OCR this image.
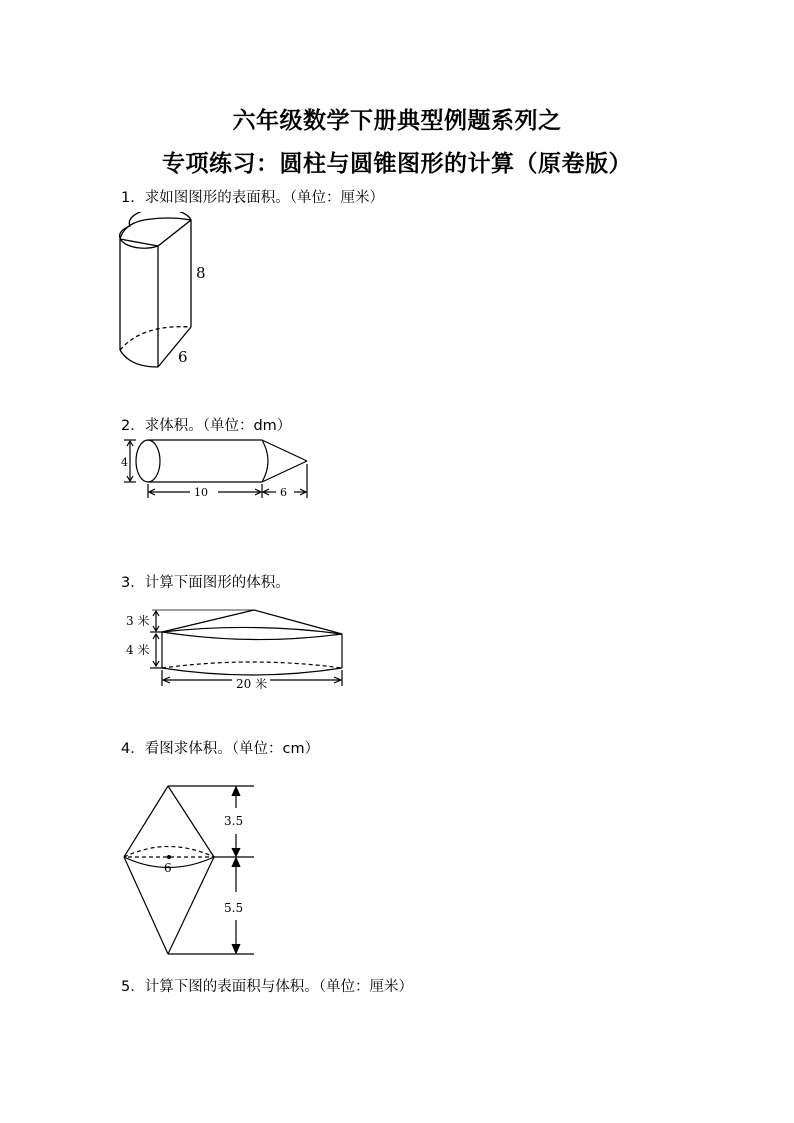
六年级数学下册典型例题系列之
专项练习：圆柱与圆锥图形的计算（原卷版）
1．求如图图形的表面积。（单位：厘米）
8
6
2．求体积。（单位：dm）
4
10	6
3．计算下面图形的体积。
3 米
4 米
20 米
4．看图求体积。（单位：cm）
3.5
6
5.5
5．计算下图的表面积与体积。（单位：厘米）
